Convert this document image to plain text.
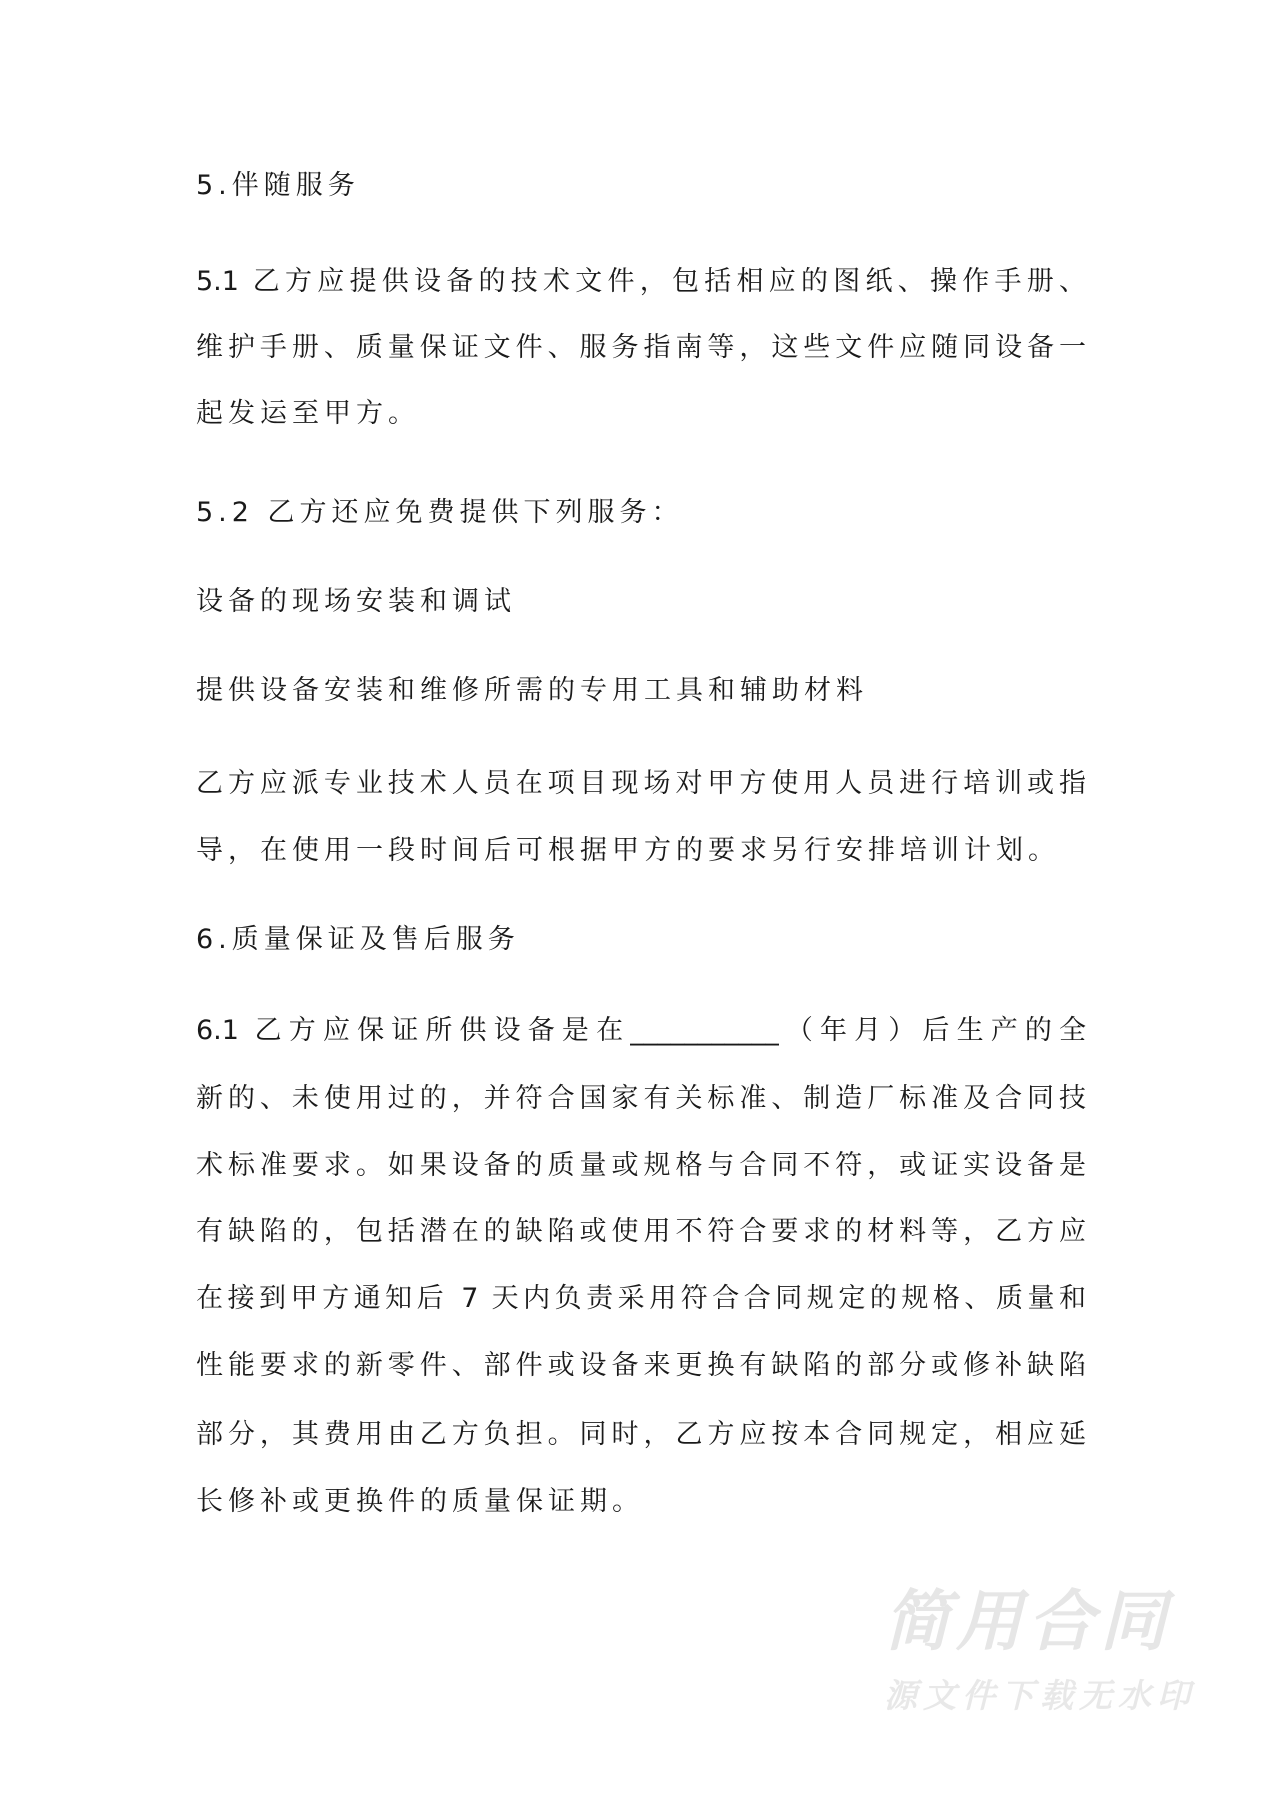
5.伴随服务
5.1 乙方应提供设备的技术文件，包括相应的图纸、操作手册、
维护手册、质量保证文件、服务指南等，这些文件应随同设备一
起发运至甲方。
5.2 乙方还应免费提供下列服务：
设备的现场安装和调试
提供设备安装和维修所需的专用工具和辅助材料
乙方应派专业技术人员在项目现场对甲方使用人员进行培训或指
导，在使用一段时间后可根据甲方的要求另行安排培训计划。
6.质量保证及售后服务
6.1 乙方应保证所供设备是在___________（年月）后生产的全
新的、未使用过的，并符合国家有关标准、制造厂标准及合同技
术标准要求。如果设备的质量或规格与合同不符，或证实设备是
有缺陷的，包括潜在的缺陷或使用不符合要求的材料等，乙方应
在接到甲方通知后 7 天内负责采用符合合同规定的规格、质量和
性能要求的新零件、部件或设备来更换有缺陷的部分或修补缺陷
部分，其费用由乙方负担。同时，乙方应按本合同规定，相应延
长修补或更换件的质量保证期。
简用合同
源文件下载无水印
